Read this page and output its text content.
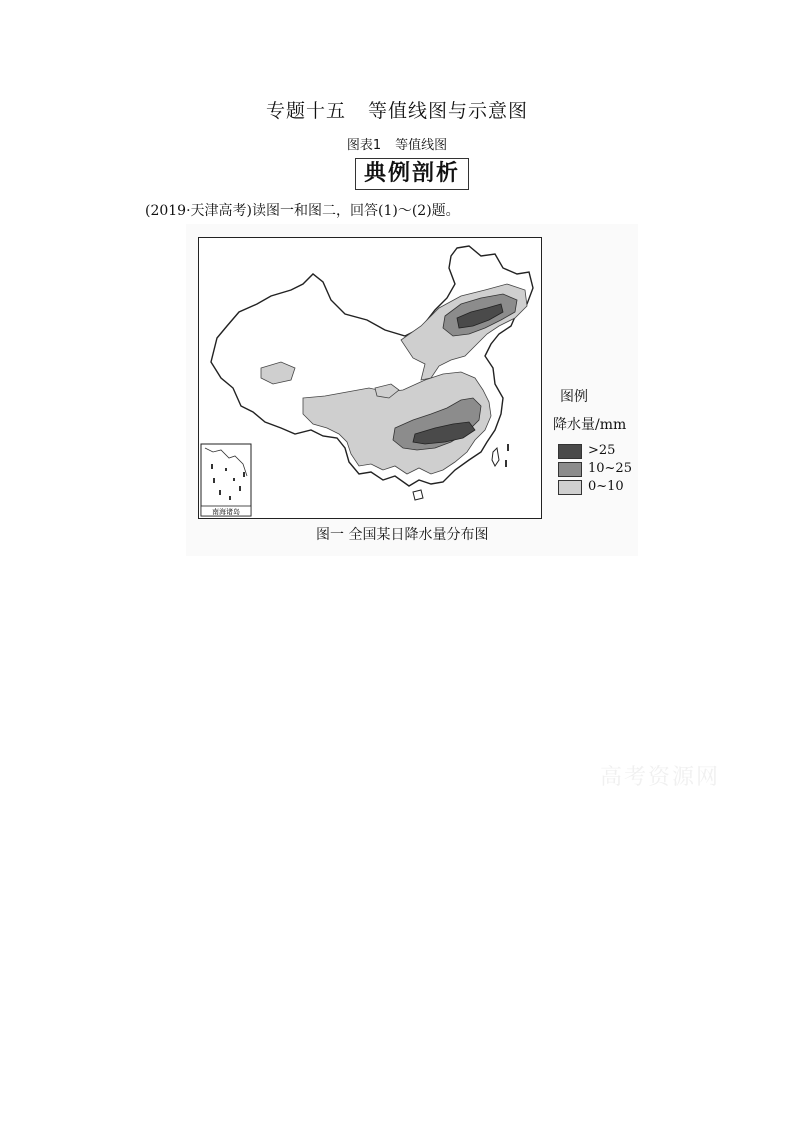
专题十五 等值线图与示意图
图表1 等值线图
典例剖析
(2019·天津高考)读图一和图二，回答(1)～(2)题。
南海诸岛
图例
降水量/mm
>25
10~25
0~10
图一 全国某日降水量分布图
高考资源网
